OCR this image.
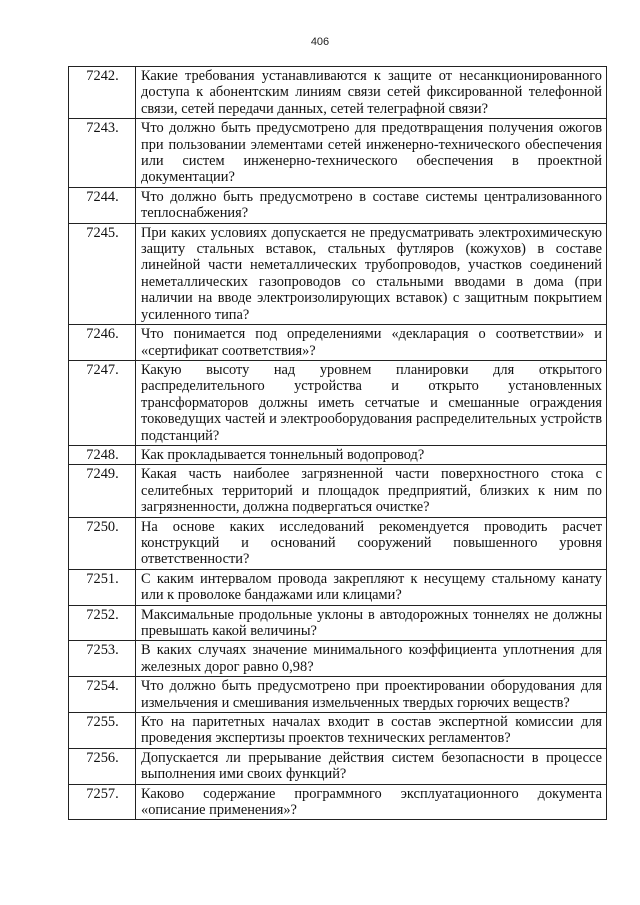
406
7242.	Какие требования устанавливаются к защите от несанкционированного доступа к абонентским линиям связи сетей фиксированной телефонной связи, сетей передачи данных, сетей телеграфной связи?
7243.	Что должно быть предусмотрено для предотвращения получения ожогов при пользовании элементами сетей инженерно-технического обеспечения или систем инженерно-технического обеспечения в проектной документации?
7244.	Что должно быть предусмотрено в составе системы централизованного теплоснабжения?
7245.	При каких условиях допускается не предусматривать электрохимическую защиту стальных вставок, стальных футляров (кожухов) в составе линейной части неметаллических трубопроводов, участков соединений неметаллических газопроводов со стальными вводами в дома (при наличии на вводе электроизолирующих вставок) с защитным покрытием усиленного типа?
7246.	Что понимается под определениями «декларация о соответствии» и «сертификат соответствия»?
7247.	Какую высоту над уровнем планировки для открытого распределительного устройства и открыто установленных трансформаторов должны иметь сетчатые и смешанные ограждения токоведущих частей и электрооборудования распределительных устройств подстанций?
7248.	Как прокладывается тоннельный водопровод?
7249.	Какая часть наиболее загрязненной части поверхностного стока с селитебных территорий и площадок предприятий, близких к ним по загрязненности, должна подвергаться очистке?
7250.	На основе каких исследований рекомендуется проводить расчет конструкций и оснований сооружений повышенного уровня ответственности?
7251.	С каким интервалом провода закрепляют к несущему стальному канату или к проволоке бандажами или клицами?
7252.	Максимальные продольные уклоны в автодорожных тоннелях не должны превышать какой величины?
7253.	В каких случаях значение минимального коэффициента уплотнения для железных дорог равно 0,98?
7254.	Что должно быть предусмотрено при проектировании оборудования для измельчения и смешивания измельченных твердых горючих веществ?
7255.	Кто на паритетных началах входит в состав экспертной комиссии для проведения экспертизы проектов технических регламентов?
7256.	Допускается ли прерывание действия систем безопасности в процессе выполнения ими своих функций?
7257.	Каково содержание программного эксплуатационного документа «описание применения»?
